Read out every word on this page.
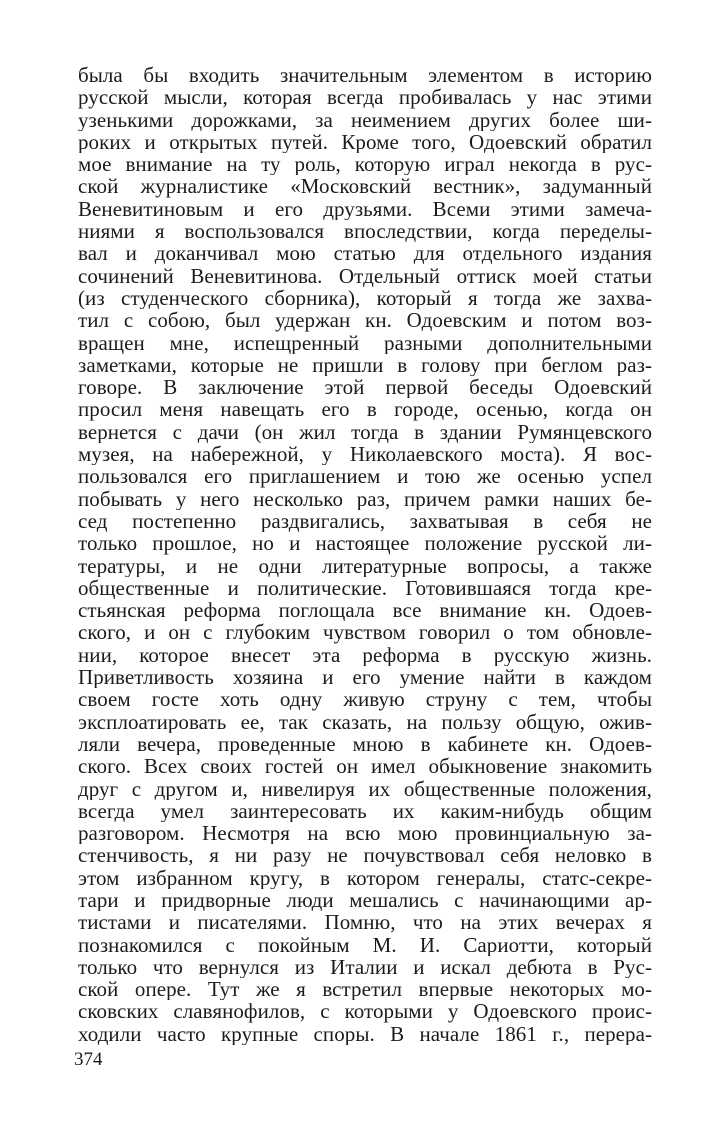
была бы входить значительным элементом в историю
русской мысли, которая всегда пробивалась у нас этими
узенькими дорожками, за неимением других более ши-
роких и открытых путей. Кроме того, Одоевский обратил
мое внимание на ту роль, которую играл некогда в рус-
ской журналистике «Московский вестник», задуманный
Веневитиновым и его друзьями. Всеми этими замеча-
ниями я воспользовался впоследствии, когда переделы-
вал и доканчивал мою статью для отдельного издания
сочинений Веневитинова. Отдельный оттиск моей статьи
(из студенческого сборника), который я тогда же захва-
тил с собою, был удержан кн. Одоевским и потом воз-
вращен мне, испещренный разными дополнительными
заметками, которые не пришли в голову при беглом раз-
говоре. В заключение этой первой беседы Одоевский
просил меня навещать его в городе, осенью, когда он
вернется с дачи (он жил тогда в здании Румянцевского
музея, на набережной, у Николаевского моста). Я вос-
пользовался его приглашением и тою же осенью успел
побывать у него несколько раз, причем рамки наших бе-
сед постепенно раздвигались, захватывая в себя не
только прошлое, но и настоящее положение русской ли-
тературы, и не одни литературные вопросы, а также
общественные и политические. Готовившаяся тогда кре-
стьянская реформа поглощала все внимание кн. Одоев-
ского, и он с глубоким чувством говорил о том обновле-
нии, которое внесет эта реформа в русскую жизнь.
Приветливость хозяина и его умение найти в каждом
своем госте хоть одну живую струну с тем, чтобы
эксплоатировать ее, так сказать, на пользу общую, ожив-
ляли вечера, проведенные мною в кабинете кн. Одоев-
ского. Всех своих гостей он имел обыкновение знакомить
друг с другом и, нивелируя их общественные положения,
всегда умел заинтересовать их каким-нибудь общим
разговором. Несмотря на всю мою провинциальную за-
стенчивость, я ни разу не почувствовал себя неловко в
этом избранном кругу, в котором генералы, статс-секре-
тари и придворные люди мешались с начинающими ар-
тистами и писателями. Помню, что на этих вечерах я
познакомился с покойным М. И. Сариотти, который
только что вернулся из Италии и искал дебюта в Рус-
ской опере. Тут же я встретил впервые некоторых мо-
сковских славянофилов, с которыми у Одоевского проис-
ходили часто крупные споры. В начале 1861 г., перера-
374
